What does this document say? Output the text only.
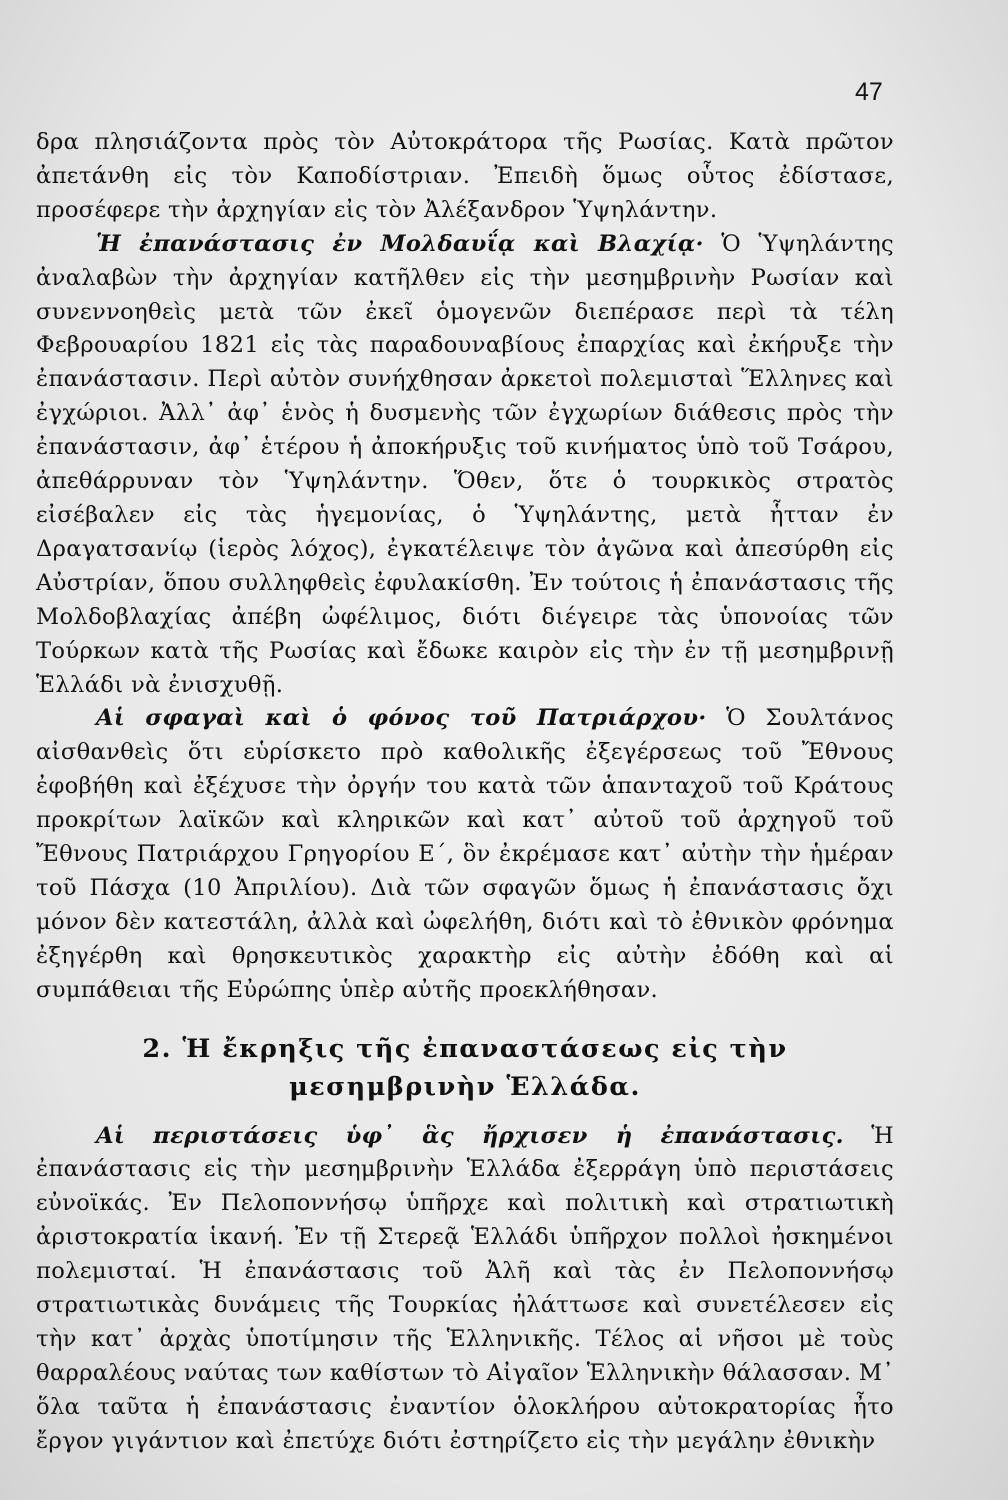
47

δρα πλησιάζοντα πρὸς τὸν Αὐτοκράτορα τῆς Ρωσίας. Κατὰ πρῶτον ἀπετάνθη εἰς τὸν Καποδίστριαν. Ἐπειδὴ ὅμως οὗτος ἐδίστασε, προσέφερε τὴν ἀρχηγίαν εἰς τὸν Ἀλέξανδρον Ὑψηλάντην.

Ἡ ἐπανάστασις ἐν Μολδαυΐᾳ καὶ Βλαχίᾳ· Ὁ Ὑψηλάντης ἀναλαβὼν τὴν ἀρχηγίαν κατῆλθεν εἰς τὴν μεσημβρινὴν Ρωσίαν καὶ συνεννοηθεὶς μετὰ τῶν ἐκεῖ ὁμογενῶν διεπέρασε περὶ τὰ τέλη Φεβρουαρίου 1821 εἰς τὰς παραδουναβίους ἐπαρχίας καὶ ἐκήρυξε τὴν ἐπανάστασιν. Περὶ αὐτὸν συνήχθησαν ἀρκετοὶ πολεμισταὶ Ἕλληνες καὶ ἐγχώριοι. Ἀλλ᾽ ἀφ᾽ ἑνὸς ἡ δυσμενὴς τῶν ἐγχωρίων διάθεσις πρὸς τὴν ἐπανάστασιν, ἀφ᾽ ἑτέρου ἡ ἀποκήρυξις τοῦ κινήματος ὑπὸ τοῦ Τσάρου, ἀπεθάρρυναν τὸν Ὑψηλάντην. Ὅθεν, ὅτε ὁ τουρκικὸς στρατὸς εἰσέβαλεν εἰς τὰς ἡγεμονίας, ὁ Ὑψηλάντης, μετὰ ἧτταν ἐν Δραγατσανίῳ (ἱερὸς λόχος), ἐγκατέλειψε τὸν ἀγῶνα καὶ ἀπεσύρθη εἰς Αὐστρίαν, ὅπου συλληφθεὶς ἐφυλακίσθη. Ἐν τούτοις ἡ ἐπανάστασις τῆς Μολδοβλαχίας ἀπέβη ὠφέλιμος, διότι διέγειρε τὰς ὑπονοίας τῶν Τούρκων κατὰ τῆς Ρωσίας καὶ ἔδωκε καιρὸν εἰς τὴν ἐν τῇ μεσημβρινῇ Ἑλλάδι νὰ ἐνισχυθῇ.

Αἱ σφαγαὶ καὶ ὁ φόνος τοῦ Πατριάρχου· Ὁ Σουλτάνος αἰσθανθεὶς ὅτι εὑρίσκετο πρὸ καθολικῆς ἐξεγέρσεως τοῦ Ἔθνους ἐφοβήθη καὶ ἐξέχυσε τὴν ὀργήν του κατὰ τῶν ἁπανταχοῦ τοῦ Κράτους προκρίτων λαϊκῶν καὶ κληρικῶν καὶ κατ᾽ αὐτοῦ τοῦ ἀρχηγοῦ τοῦ Ἔθνους Πατριάρχου Γρηγορίου Ε΄, ὃν ἐκρέμασε κατ᾽ αὐτὴν τὴν ἡμέραν τοῦ Πάσχα (10 Ἀπριλίου). Διὰ τῶν σφαγῶν ὅμως ἡ ἐπανάστασις ὄχι μόνον δὲν κατεστάλη, ἀλλὰ καὶ ὠφελήθη, διότι καὶ τὸ ἐθνικὸν φρόνημα ἐξηγέρθη καὶ θρησκευτικὸς χαρακτὴρ εἰς αὐτὴν ἐδόθη καὶ αἱ συμπάθειαι τῆς Εὐρώπης ὑπὲρ αὐτῆς προεκλήθησαν.

2. Ἡ ἔκρηξις τῆς ἐπαναστάσεως εἰς τὴν μεσημβρινὴν Ἑλλάδα.

Αἱ περιστάσεις ὑφ᾽ ἃς ἤρχισεν ἡ ἐπανάστασις. Ἡ ἐπανάστασις εἰς τὴν μεσημβρινὴν Ἑλλάδα ἐξερράγη ὑπὸ περιστάσεις εὐνοϊκάς. Ἐν Πελοποννήσῳ ὑπῆρχε καὶ πολιτικὴ καὶ στρατιωτικὴ ἀριστοκρατία ἱκανή. Ἐν τῇ Στερεᾷ Ἑλλάδι ὑπῆρχον πολλοὶ ἠσκημένοι πολεμισταί. Ἡ ἐπανάστασις τοῦ Ἀλῆ καὶ τὰς ἐν Πελοποννήσῳ στρατιωτικὰς δυνάμεις τῆς Τουρκίας ἠλάττωσε καὶ συνετέλεσεν εἰς τὴν κατ᾽ ἀρχὰς ὑποτίμησιν τῆς Ἑλληνικῆς. Τέλος αἱ νῆσοι μὲ τοὺς θαρραλέους ναύτας των καθίστων τὸ Αἰγαῖον Ἑλληνικὴν θάλασσαν. Μ᾽ ὅλα ταῦτα ἡ ἐπανάστασις ἐναντίον ὁλοκλήρου αὐτοκρατορίας ἦτο ἔργον γιγάντιον καὶ ἐπετύχε διότι ἐστηρίζετο εἰς τὴν μεγάλην ἐθνικὴν
